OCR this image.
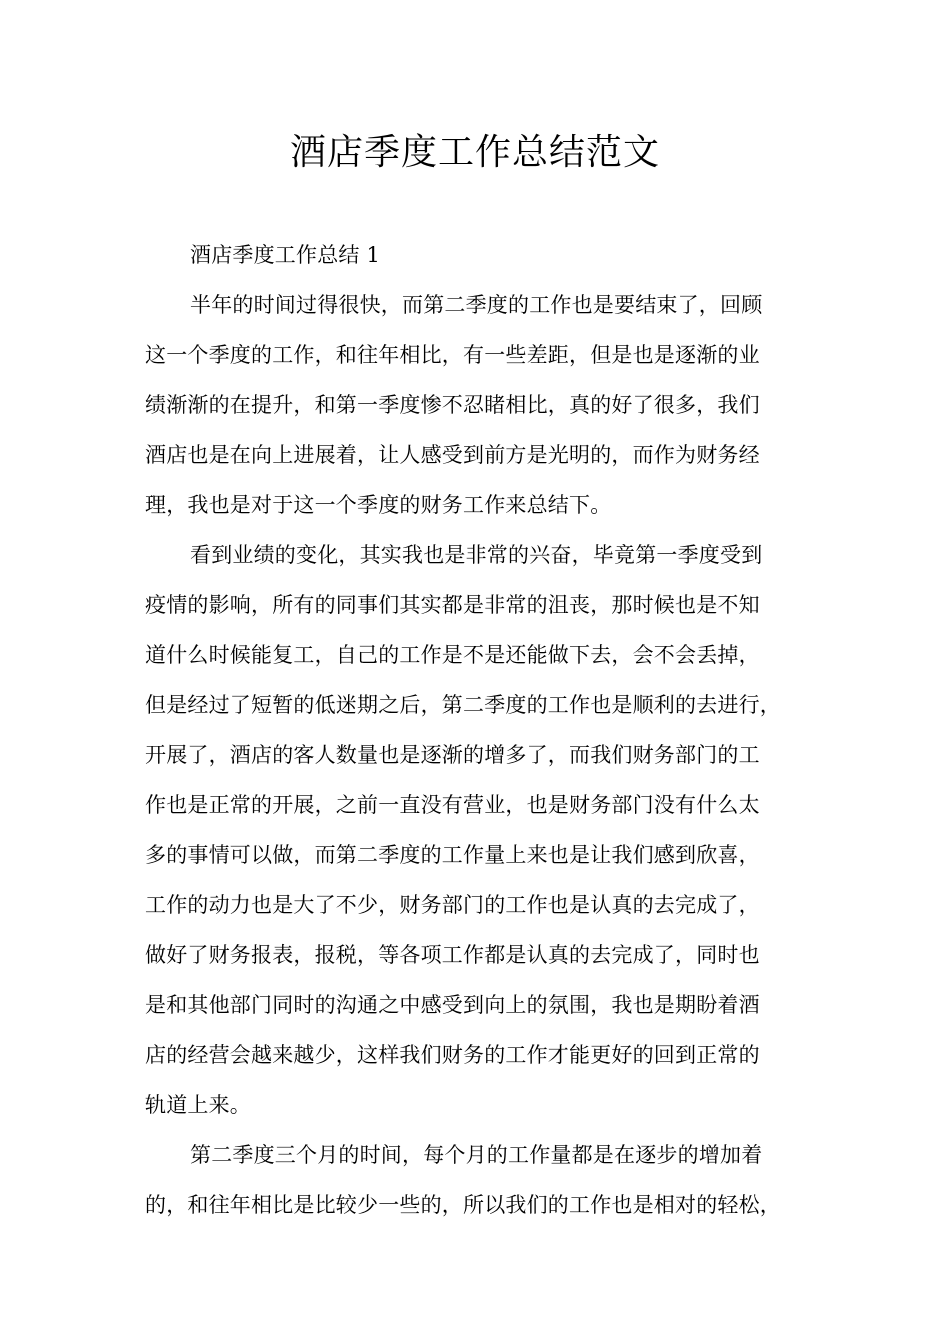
酒店季度工作总结范文
酒店季度工作总结 1
半年的时间过得很快，而第二季度的工作也是要结束了，回顾
这一个季度的工作，和往年相比，有一些差距，但是也是逐渐的业
绩渐渐的在提升，和第一季度惨不忍睹相比，真的好了很多，我们
酒店也是在向上进展着，让人感受到前方是光明的，而作为财务经
理，我也是对于这一个季度的财务工作来总结下。
看到业绩的变化，其实我也是非常的兴奋，毕竟第一季度受到
疫情的影响，所有的同事们其实都是非常的沮丧，那时候也是不知
道什么时候能复工，自己的工作是不是还能做下去，会不会丢掉，
但是经过了短暂的低迷期之后，第二季度的工作也是顺利的去进行，
开展了，酒店的客人数量也是逐渐的增多了，而我们财务部门的工
作也是正常的开展，之前一直没有营业，也是财务部门没有什么太
多的事情可以做，而第二季度的工作量上来也是让我们感到欣喜，
工作的动力也是大了不少，财务部门的工作也是认真的去完成了，
做好了财务报表，报税，等各项工作都是认真的去完成了，同时也
是和其他部门同时的沟通之中感受到向上的氛围，我也是期盼着酒
店的经营会越来越少，这样我们财务的工作才能更好的回到正常的
轨道上来。
第二季度三个月的时间，每个月的工作量都是在逐步的增加着
的，和往年相比是比较少一些的，所以我们的工作也是相对的轻松，
